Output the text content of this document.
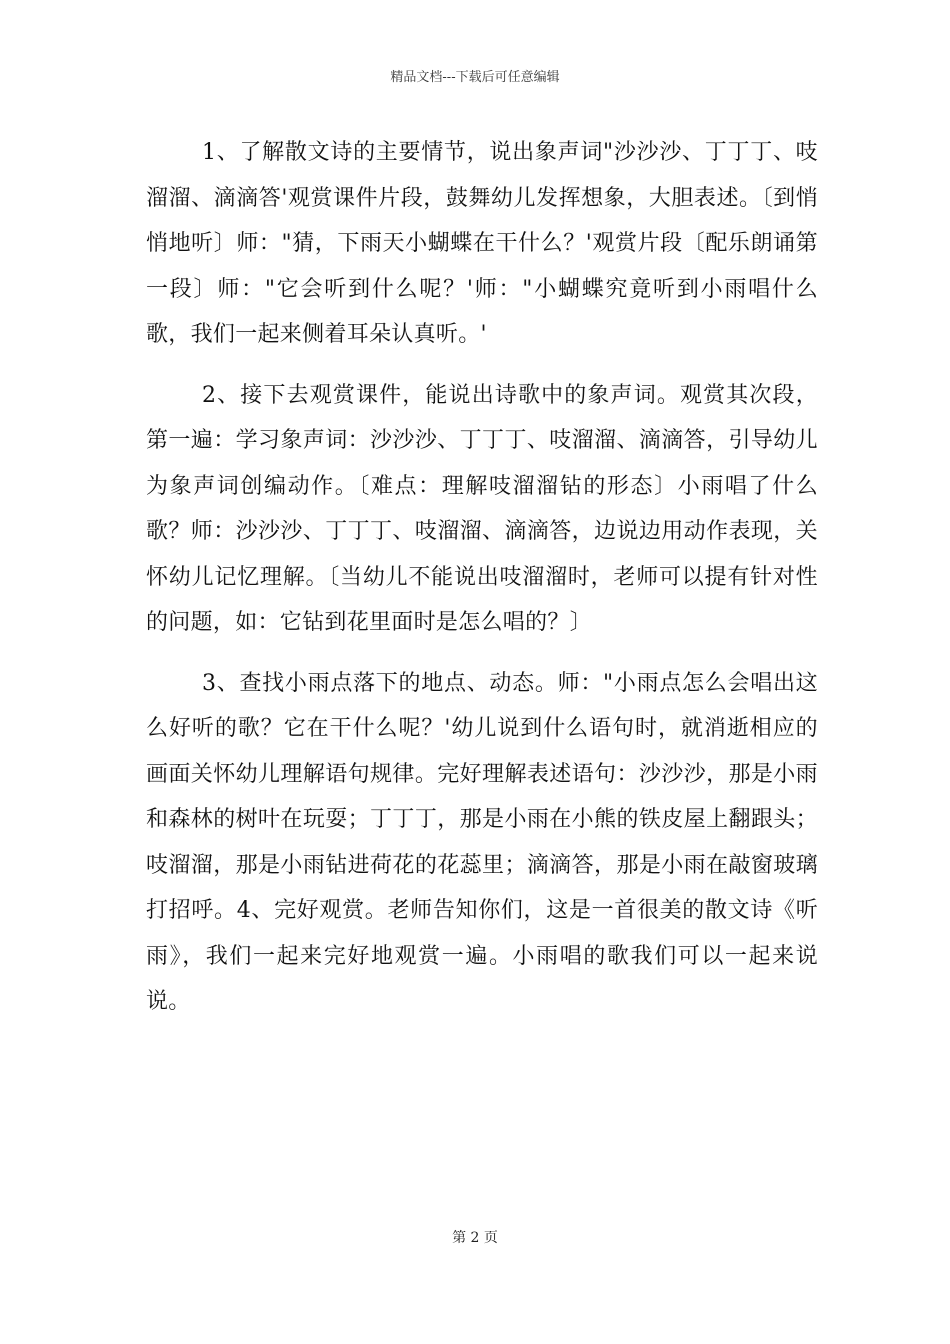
精品文档---下载后可任意编辑

1、了解散文诗的主要情节，说出象声词"沙沙沙、丁丁丁、吱溜溜、滴滴答'观赏课件片段，鼓舞幼儿发挥想象，大胆表述。〔到悄悄地听〕师："猜，下雨天小蝴蝶在干什么？'观赏片段〔配乐朗诵第一段〕师："它会听到什么呢？'师："小蝴蝶究竟听到小雨唱什么歌，我们一起来侧着耳朵认真听。'

2、接下去观赏课件，能说出诗歌中的象声词。观赏其次段，第一遍：学习象声词：沙沙沙、丁丁丁、吱溜溜、滴滴答，引导幼儿为象声词创编动作。〔难点：理解吱溜溜钻的形态〕小雨唱了什么歌？师：沙沙沙、丁丁丁、吱溜溜、滴滴答，边说边用动作表现，关怀幼儿记忆理解。〔当幼儿不能说出吱溜溜时，老师可以提有针对性的问题，如：它钻到花里面时是怎么唱的？〕

3、查找小雨点落下的地点、动态。师："小雨点怎么会唱出这么好听的歌？它在干什么呢？'幼儿说到什么语句时，就消逝相应的画面关怀幼儿理解语句规律。完好理解表述语句：沙沙沙，那是小雨和森林的树叶在玩耍；丁丁丁，那是小雨在小熊的铁皮屋上翻跟头；吱溜溜，那是小雨钻进荷花的花蕊里；滴滴答，那是小雨在敲窗玻璃打招呼。4、完好观赏。老师告知你们，这是一首很美的散文诗《听雨》，我们一起来完好地观赏一遍。小雨唱的歌我们可以一起来说说。

第 2 页
